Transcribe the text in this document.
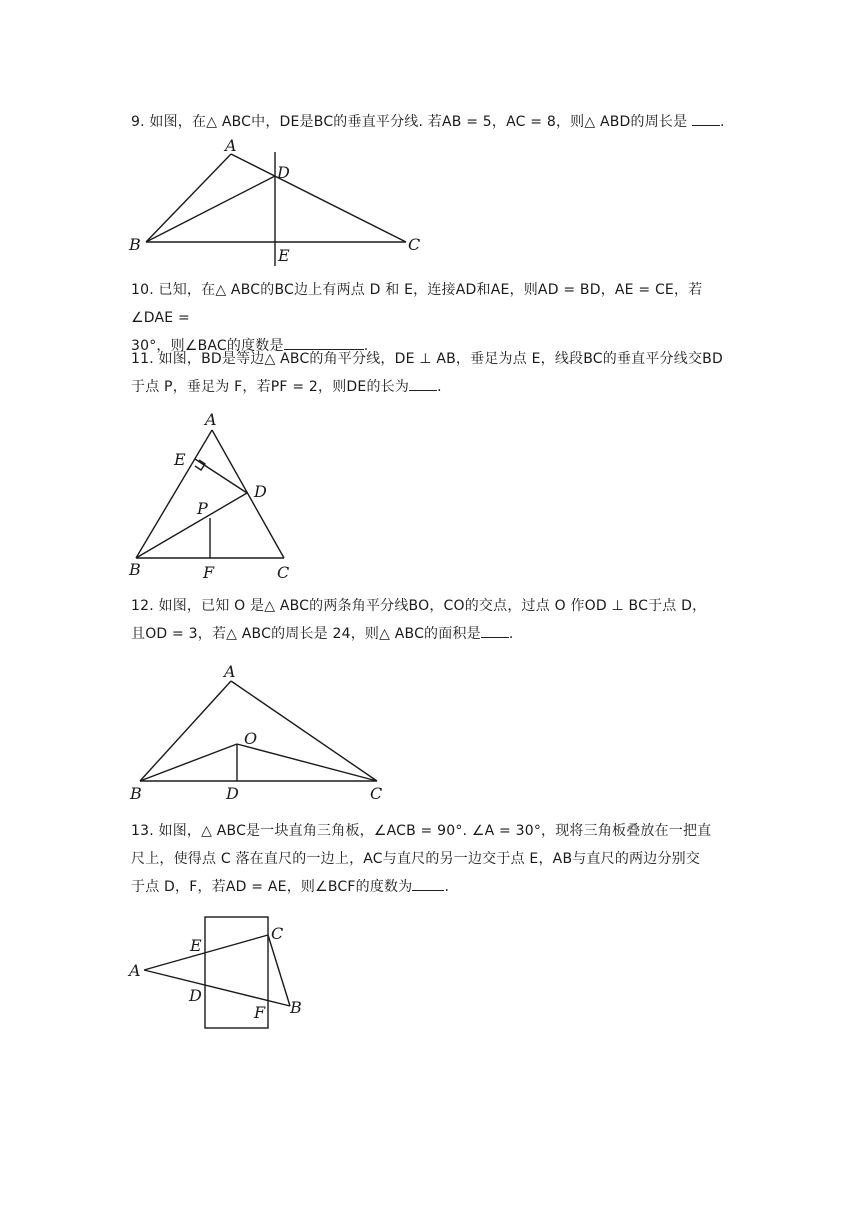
9. 如图，在△ ABC中，DE是BC的垂直平分线. 若AB = 5，AC = 8，则△ ABD的周长是 .
A
D
B	C
E
10. 已知，在△ ABC的BC边上有两点 D 和 E，连接AD和AE，则AD = BD，AE = CE，若∠DAE =
30°，则∠BAC的度数是	.
11. 如图，BD是等边△ ABC的角平分线，DE ⊥ AB，垂足为点 E，线段BC的垂直平分线交BD
于点 P，垂足为 F，若PF = 2，则DE的长为 .
A
E
D
P
B	F	C
12. 如图，已知 O 是△ ABC的两条角平分线BO，CO的交点，过点 O 作OD ⊥ BC于点 D，
且OD = 3，若△ ABC的周长是 24，则△ ABC的面积是 .
A
O
B	D	C
13. 如图，△ ABC是一块直角三角板，∠ACB = 90°. ∠A = 30°，现将三角板叠放在一把直
尺上，使得点 C 落在直尺的一边上，AC与直尺的另一边交于点 E，AB与直尺的两边分别交
于点 D，F，若AD = AE，则∠BCF的度数为 .
E
C
A
D
F B
